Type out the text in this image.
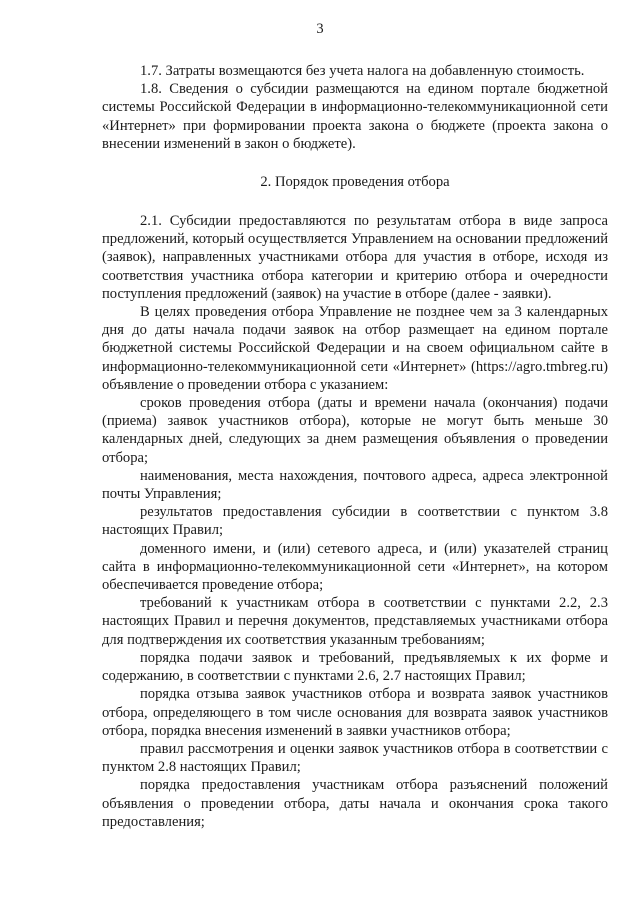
3

1.7. Затраты возмещаются без учета налога на добавленную стоимость.

1.8. Сведения о субсидии размещаются на едином портале бюджетной системы Российской Федерации в информационно-телекоммуникационной сети «Интернет» при формировании проекта закона о бюджете (проекта закона о внесении изменений в закон о бюджете).

2. Порядок проведения отбора

2.1. Субсидии предоставляются по результатам отбора в виде запроса предложений, который осуществляется Управлением на основании предложений (заявок), направленных участниками отбора для участия в отборе, исходя из соответствия участника отбора категории и критерию отбора и очередности поступления предложений (заявок) на участие в отборе (далее - заявки).

В целях проведения отбора Управление не позднее чем за 3 календарных дня до даты начала подачи заявок на отбор размещает на едином портале бюджетной системы Российской Федерации и на своем официальном сайте в информационно-телекоммуникационной сети «Интернет» (https://agro.tmbreg.ru) объявление о проведении отбора с указанием:

сроков проведения отбора (даты и времени начала (окончания) подачи (приема) заявок участников отбора), которые не могут быть меньше 30 календарных дней, следующих за днем размещения объявления о проведении отбора;

наименования, места нахождения, почтового адреса, адреса электронной почты Управления;

результатов предоставления субсидии в соответствии с пунктом 3.8 настоящих Правил;

доменного имени, и (или) сетевого адреса, и (или) указателей страниц сайта в информационно-телекоммуникационной сети «Интернет», на котором обеспечивается проведение отбора;

требований к участникам отбора в соответствии с пунктами 2.2, 2.3 настоящих Правил и перечня документов, представляемых участниками отбора для подтверждения их соответствия указанным требованиям;

порядка подачи заявок и требований, предъявляемых к их форме и содержанию, в соответствии с пунктами 2.6, 2.7 настоящих Правил;

порядка отзыва заявок участников отбора и возврата заявок участников отбора, определяющего в том числе основания для возврата заявок участников отбора, порядка внесения изменений в заявки участников отбора;

правил рассмотрения и оценки заявок участников отбора в соответствии с пунктом 2.8 настоящих Правил;

порядка предоставления участникам отбора разъяснений положений объявления о проведении отбора, даты начала и окончания срока такого предоставления;
